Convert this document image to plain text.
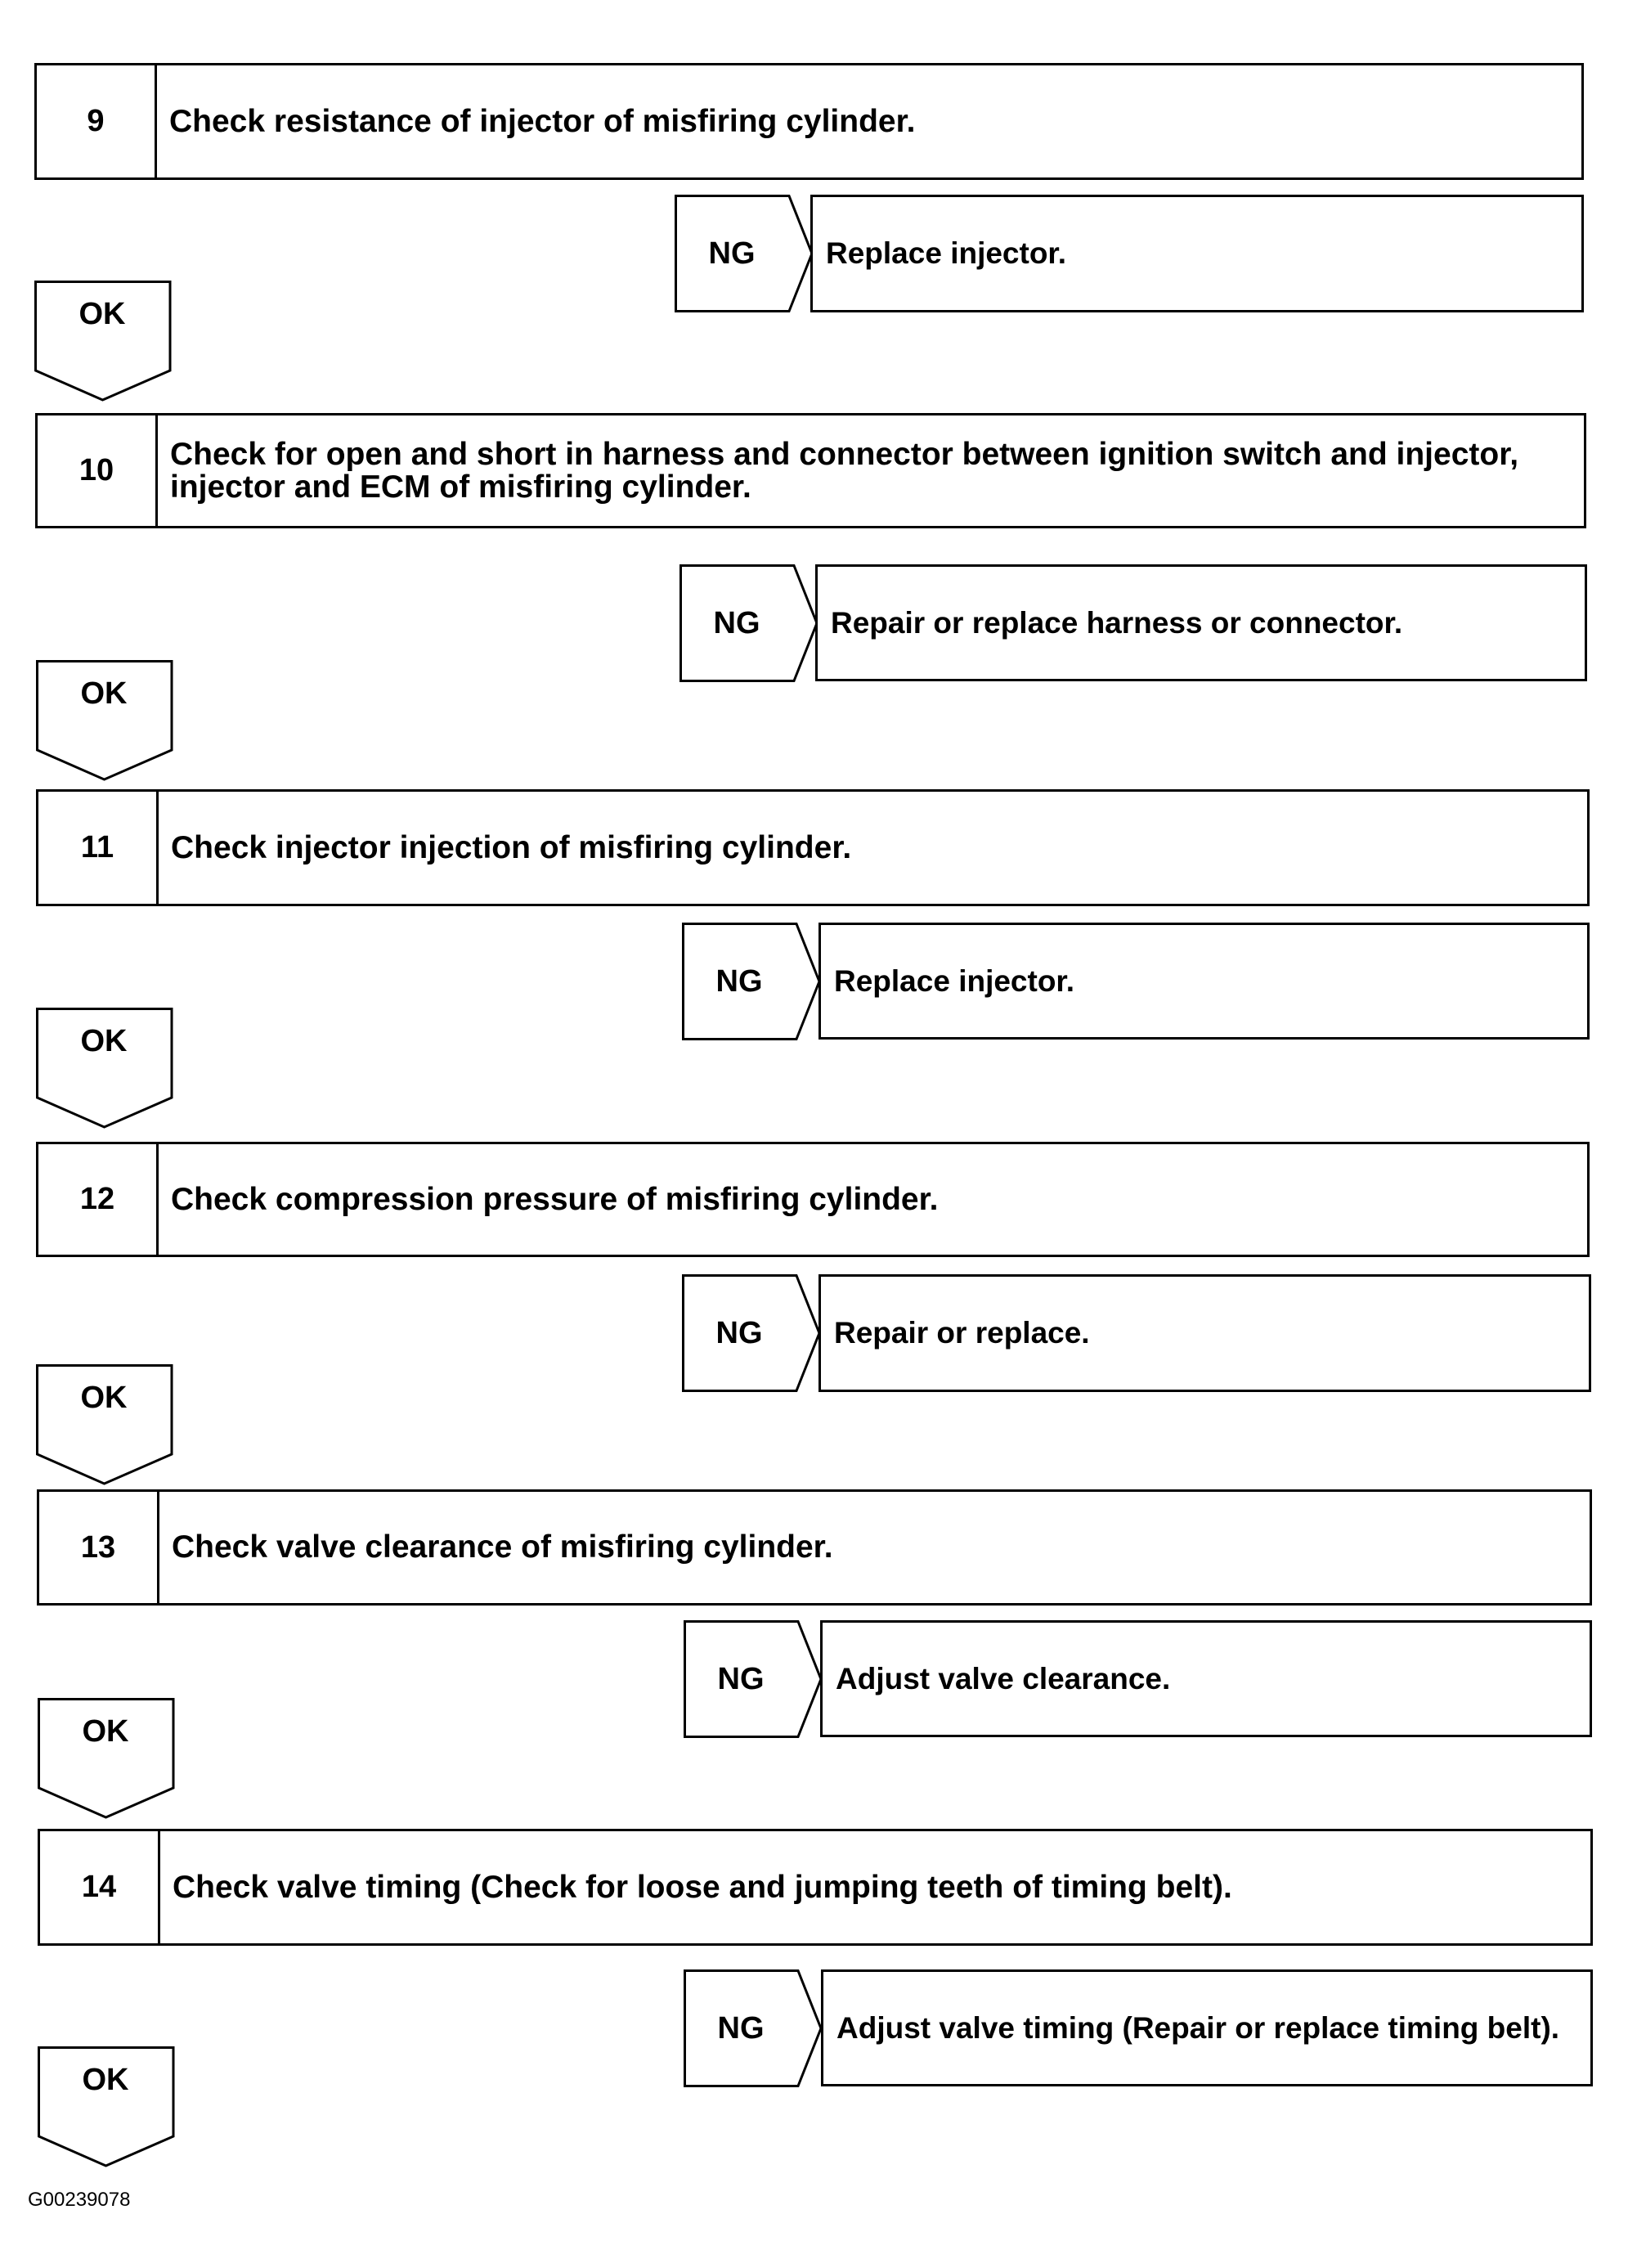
9	Check resistance of injector of misfiring cylinder.
NG	Replace injector.
OK
10	Check for open and short in harness and connector between ignition switch and injector, injector and ECM of misfiring cylinder.
NG	Repair or replace harness or connector.
OK
11	Check injector injection of misfiring cylinder.
NG	Replace injector.
OK
12	Check compression pressure of misfiring cylinder.
NG	Repair or replace.
OK
13	Check valve clearance of misfiring cylinder.
NG	Adjust valve clearance.
OK
14	Check valve timing (Check for loose and jumping teeth of timing belt).
NG	Adjust valve timing (Repair or replace timing belt).
OK
G00239078
